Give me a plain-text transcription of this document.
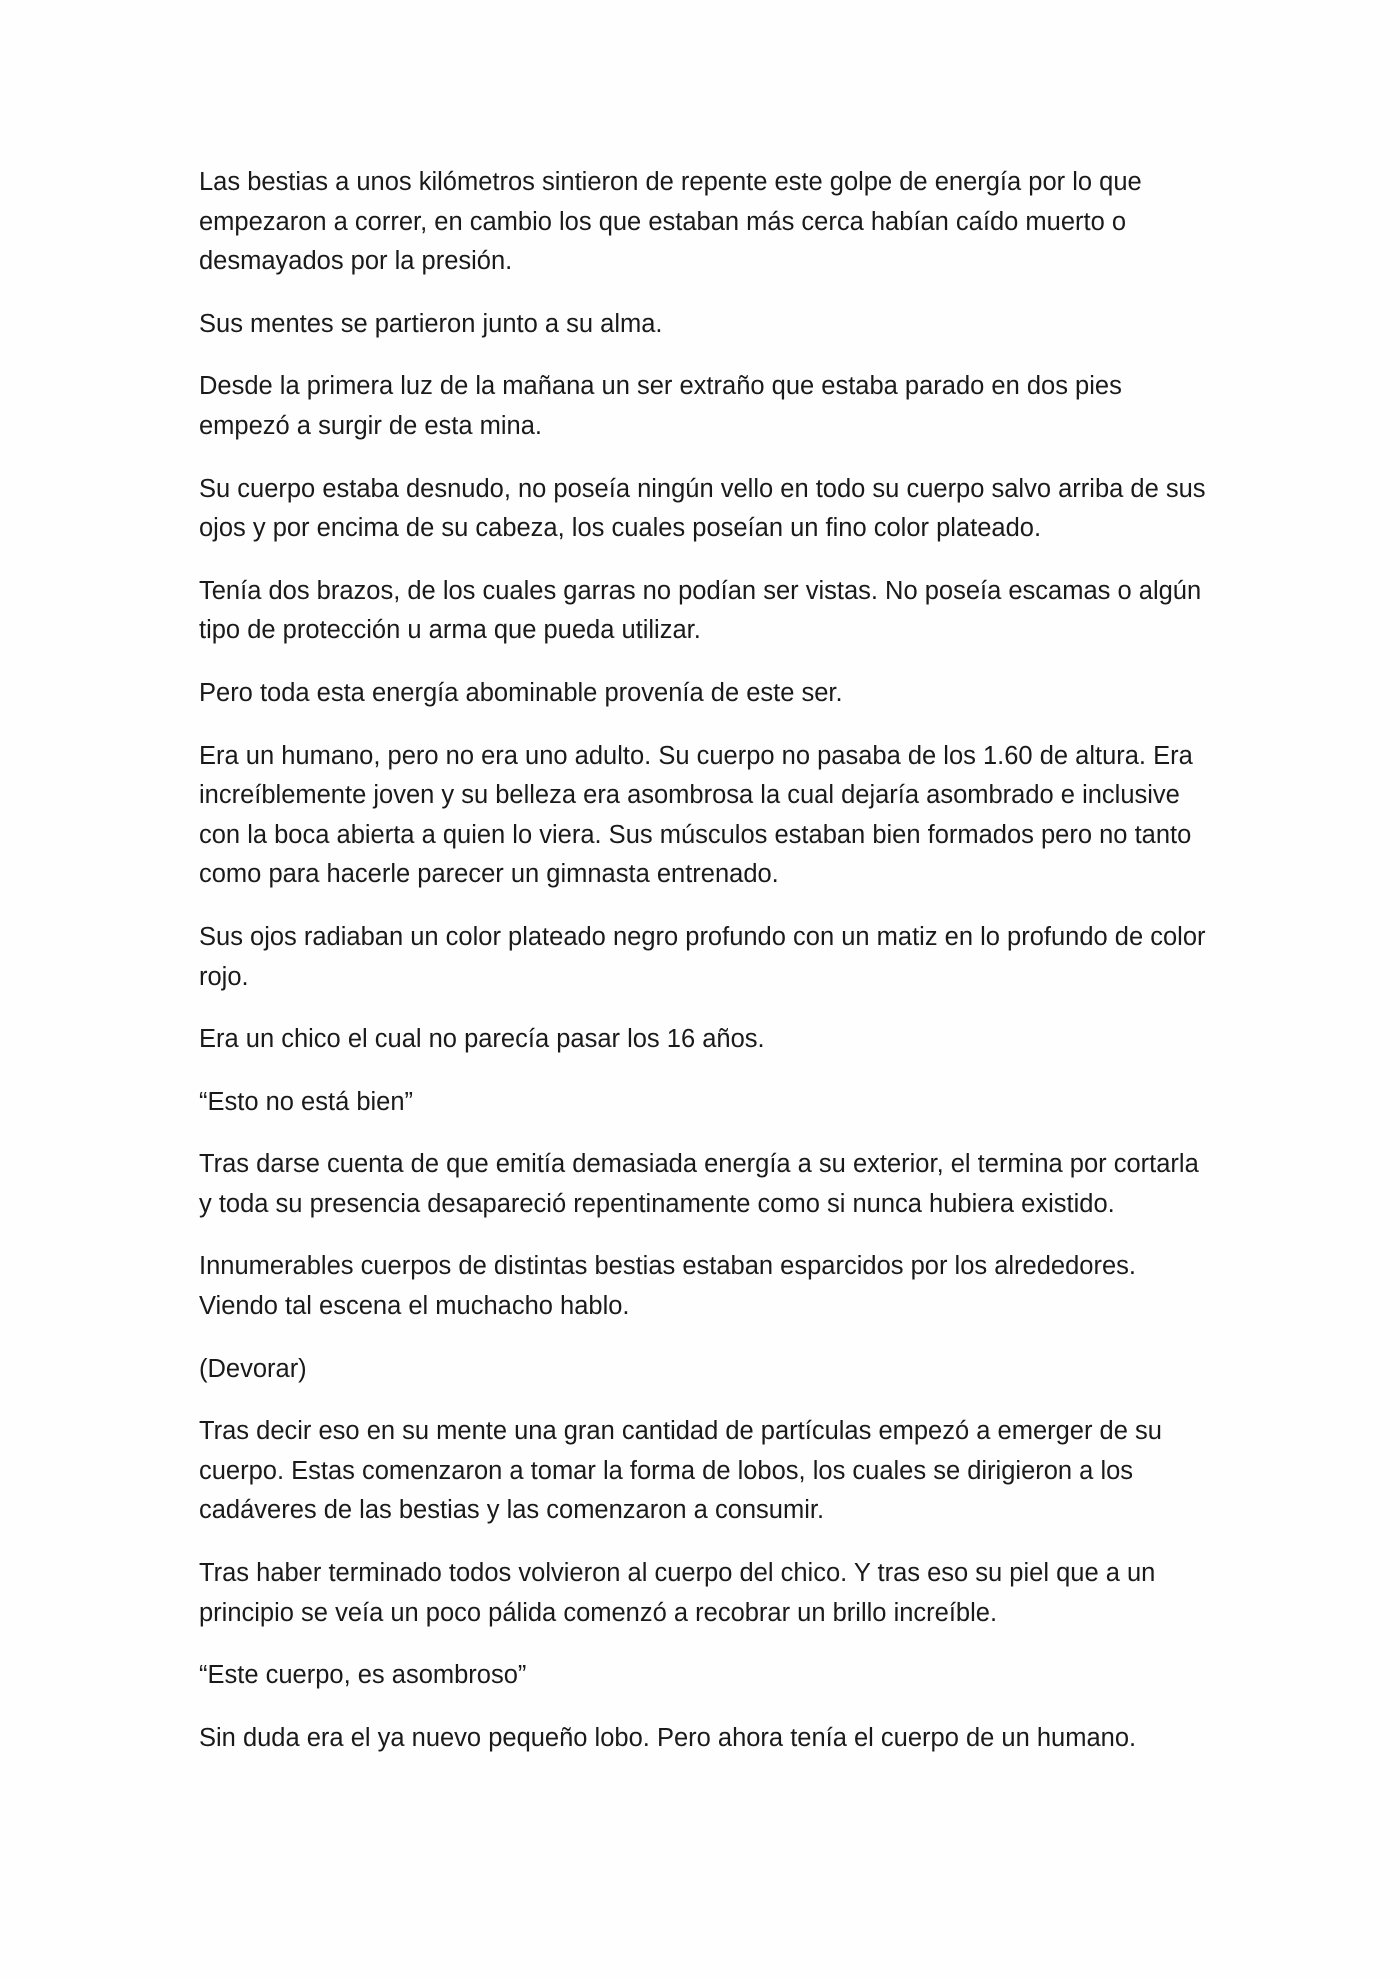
Las bestias a unos kilómetros sintieron de repente este golpe de energía por lo que empezaron a correr, en cambio los que estaban más cerca habían caído muerto o desmayados por la presión.

Sus mentes se partieron junto a su alma.

Desde la primera luz de la mañana un ser extraño que estaba parado en dos pies empezó a surgir de esta mina.

Su cuerpo estaba desnudo, no poseía ningún vello en todo su cuerpo salvo arriba de sus ojos y por encima de su cabeza, los cuales poseían un fino color plateado.

Tenía dos brazos, de los cuales garras no podían ser vistas. No poseía escamas o algún tipo de protección u arma que pueda utilizar.

Pero toda esta energía abominable provenía de este ser.

Era un humano, pero no era uno adulto. Su cuerpo no pasaba de los 1.60 de altura. Era increíblemente joven y su belleza era asombrosa la cual dejaría asombrado e inclusive con la boca abierta a quien lo viera. Sus músculos estaban bien formados pero no tanto como para hacerle parecer un gimnasta entrenado.

Sus ojos radiaban un color plateado negro profundo con un matiz en lo profundo de color rojo.

Era un chico el cual no parecía pasar los 16 años.

“Esto no está bien”

Tras darse cuenta de que emitía demasiada energía a su exterior, el termina por cortarla y toda su presencia desapareció repentinamente como si nunca hubiera existido.

Innumerables cuerpos de distintas bestias estaban esparcidos por los alrededores. Viendo tal escena el muchacho hablo.

(Devorar)

Tras decir eso en su mente una gran cantidad de partículas empezó a emerger de su cuerpo. Estas comenzaron a tomar la forma de lobos, los cuales se dirigieron a los cadáveres de las bestias y las comenzaron a consumir.

Tras haber terminado todos volvieron al cuerpo del chico. Y tras eso su piel que a un principio se veía un poco pálida comenzó a recobrar un brillo increíble.

“Este cuerpo, es asombroso”

Sin duda era el ya nuevo pequeño lobo. Pero ahora tenía el cuerpo de un humano.
